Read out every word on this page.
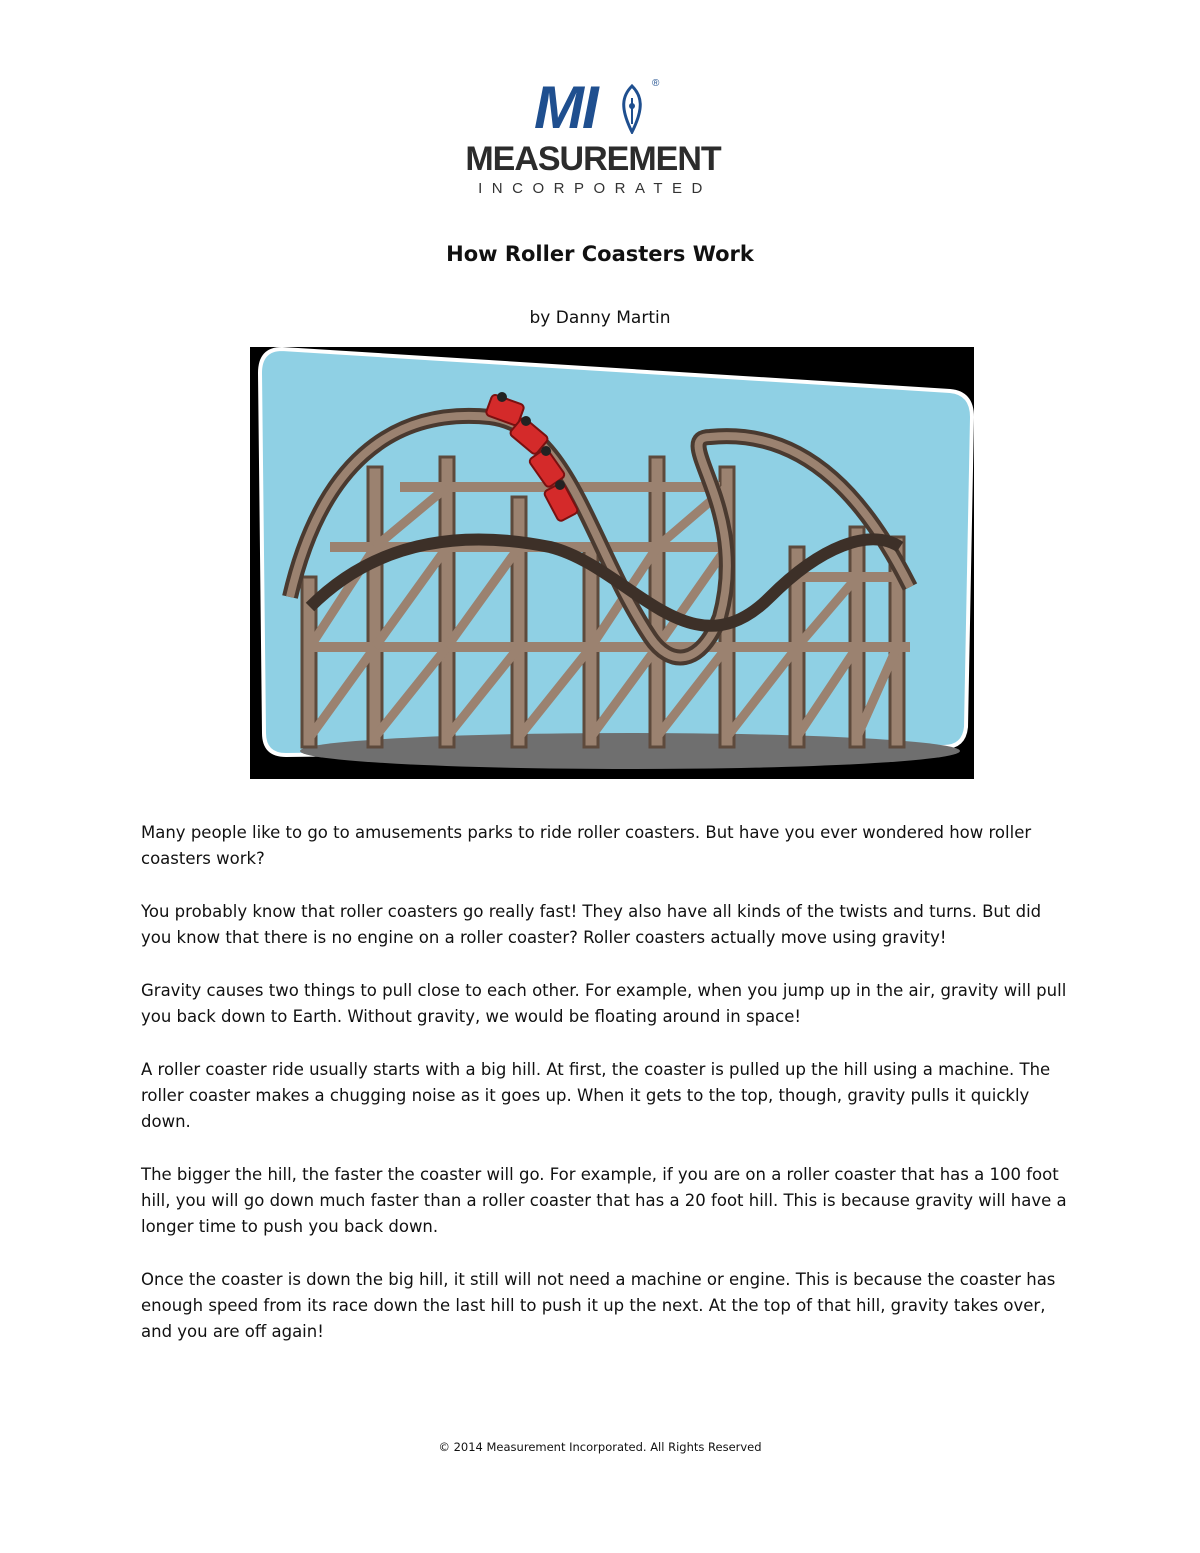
MI	®
MEASUREMENT
INCORPORATED
How Roller Coasters Work
by Danny Martin

Many people like to go to amusements parks to ride roller coasters. But have you ever wondered how roller coasters work?

You probably know that roller coasters go really fast! They also have all kinds of the twists and turns. But did you know that there is no engine on a roller coaster? Roller coasters actually move using gravity!

Gravity causes two things to pull close to each other. For example, when you jump up in the air, gravity will pull you back down to Earth. Without gravity, we would be floating around in space!

A roller coaster ride usually starts with a big hill. At first, the coaster is pulled up the hill using a machine. The roller coaster makes a chugging noise as it goes up. When it gets to the top, though, gravity pulls it quickly down.

The bigger the hill, the faster the coaster will go. For example, if you are on a roller coaster that has a 100 foot hill, you will go down much faster than a roller coaster that has a 20 foot hill. This is because gravity will have a longer time to push you back down.

Once the coaster is down the big hill, it still will not need a machine or engine. This is because the coaster has enough speed from its race down the last hill to push it up the next. At the top of that hill, gravity takes over, and you are off again!

© 2014 Measurement Incorporated. All Rights Reserved
